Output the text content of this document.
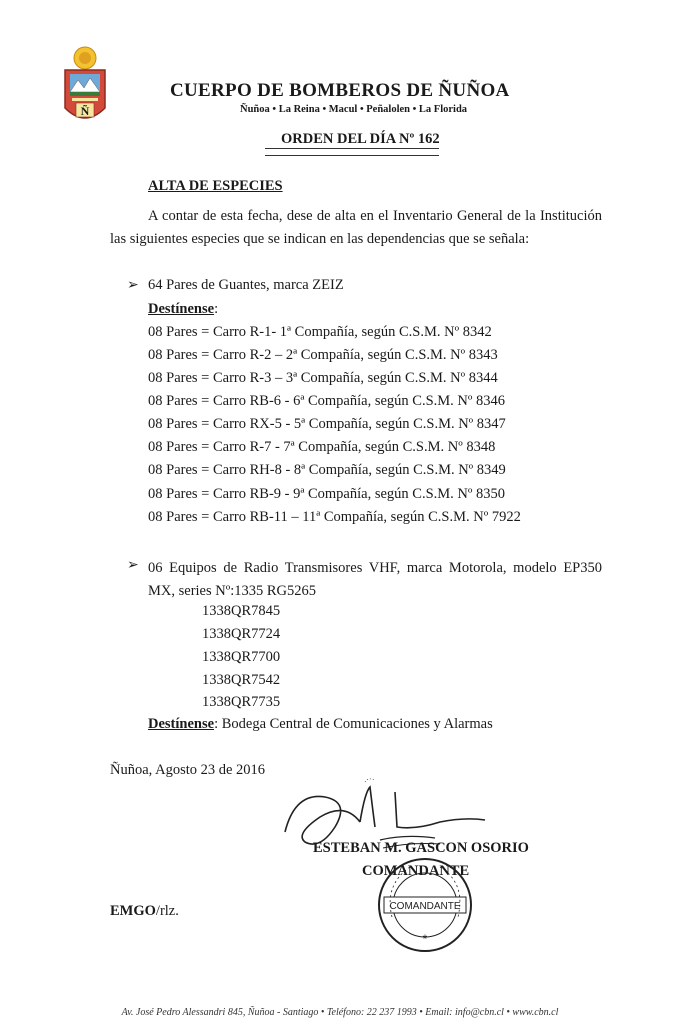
Ñ
CUERPO DE BOMBEROS DE ÑUÑOA
Ñuñoa • La Reina • Macul • Peñalolen • La Florida
ORDEN DEL DÍA Nº 162
ALTA DE ESPECIES
A contar de esta fecha, dese de alta en el Inventario General de la Institución las siguientes especies que se indican en las dependencias que se señala:
➢ 64 Pares de Guantes, marca ZEIZ
Destínense:
08 Pares = Carro R-1- 1ª Compañía, según C.S.M. Nº 8342
08 Pares = Carro R-2 – 2ª Compañía, según C.S.M. Nº 8343
08 Pares = Carro R-3 – 3ª Compañía, según C.S.M. Nº 8344
08 Pares = Carro RB-6 - 6ª Compañía, según C.S.M. Nº 8346
08 Pares = Carro RX-5 - 5ª Compañía, según C.S.M. Nº 8347
08 Pares = Carro R-7 - 7ª Compañía, según C.S.M. Nº 8348
08 Pares = Carro RH-8 - 8ª Compañía, según C.S.M. Nº 8349
08 Pares = Carro RB-9 - 9ª Compañía, según C.S.M. Nº 8350
08 Pares = Carro RB-11 – 11ª Compañía, según C.S.M. Nº 7922
➢ 06 Equipos de Radio Transmisores VHF, marca Motorola, modelo EP350 MX, series Nº:1335 RG5265
1338QR7845
1338QR7724
1338QR7700
1338QR7542
1338QR7735
Destínense: Bodega Central de Comunicaciones y Alarmas
Ñuñoa, Agosto 23 de 2016
ESTEBAN M. GASCON OSORIO
COMANDANTE
COMANDANTE
*
EMGO/rlz.
Av. José Pedro Alessandri 845, Ñuñoa - Santiago • Teléfono: 22 237 1993 • Email: info@cbn.cl • www.cbn.cl
